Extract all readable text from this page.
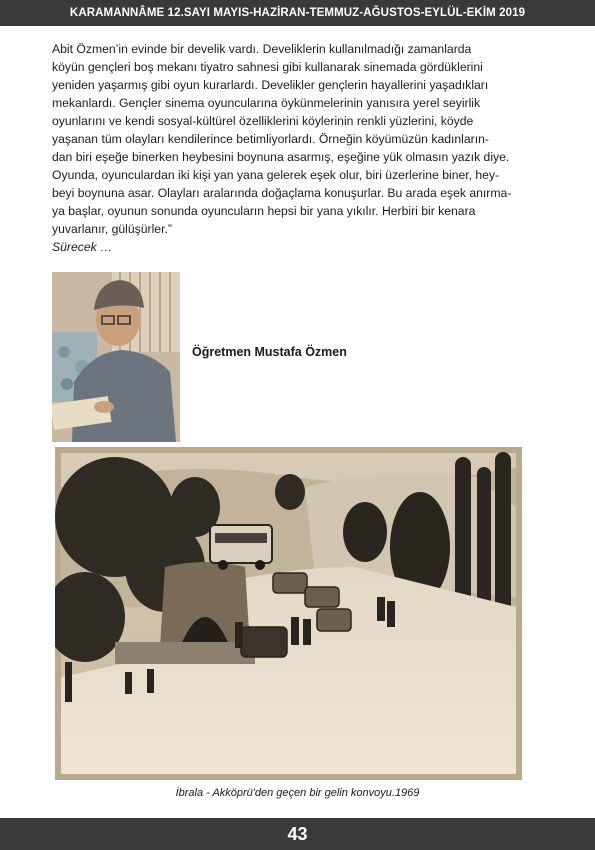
KARAMANNÂME 12.SAYI MAYIS-HAZİRAN-TEMMUZ-AĞUSTOS-EYLÜL-EKİM 2019

Abit Özmen’in evinde bir develik vardı. Develiklerin kullanılmadığı zamanlarda

köyün gençleri boş mekanı tiyatro sahnesi gibi kullanarak sinemada gördüklerini

yeniden yaşarmış gibi oyun kurarlardı. Develikler gençlerin hayallerini yaşadıkları

mekanlardı. Gençler sinema oyuncularına öykünmelerinin yanısıra yerel seyirlik

oyunlarını ve kendi sosyal-kültürel özelliklerini köylerinin renkli yüzlerini, köyde

yaşanan tüm olayları kendilerince betimliyorlardı. Örneğin köyümüzün kadınların-

dan biri eşeğe binerken heybesini boynuna asarmış, eşeğine yük olmasın yazık diye.

Oyunda, oyunculardan iki kişi yan yana gelerek eşek olur, biri üzerlerine biner, hey-

beyi boynuna asar. Olayları aralarında doğaçlama konuşurlar. Bu arada eşek anırma-

ya başlar, oyunun sonunda oyuncuların hepsi bir yana yıkılır. Herbiri bir kenara

yuvarlanır, gülüşürler.”

Sürecek …

Öğretmen Mustafa Özmen
İbrala - Akköprü'den geçen bir gelin konvoyu.1969
43
